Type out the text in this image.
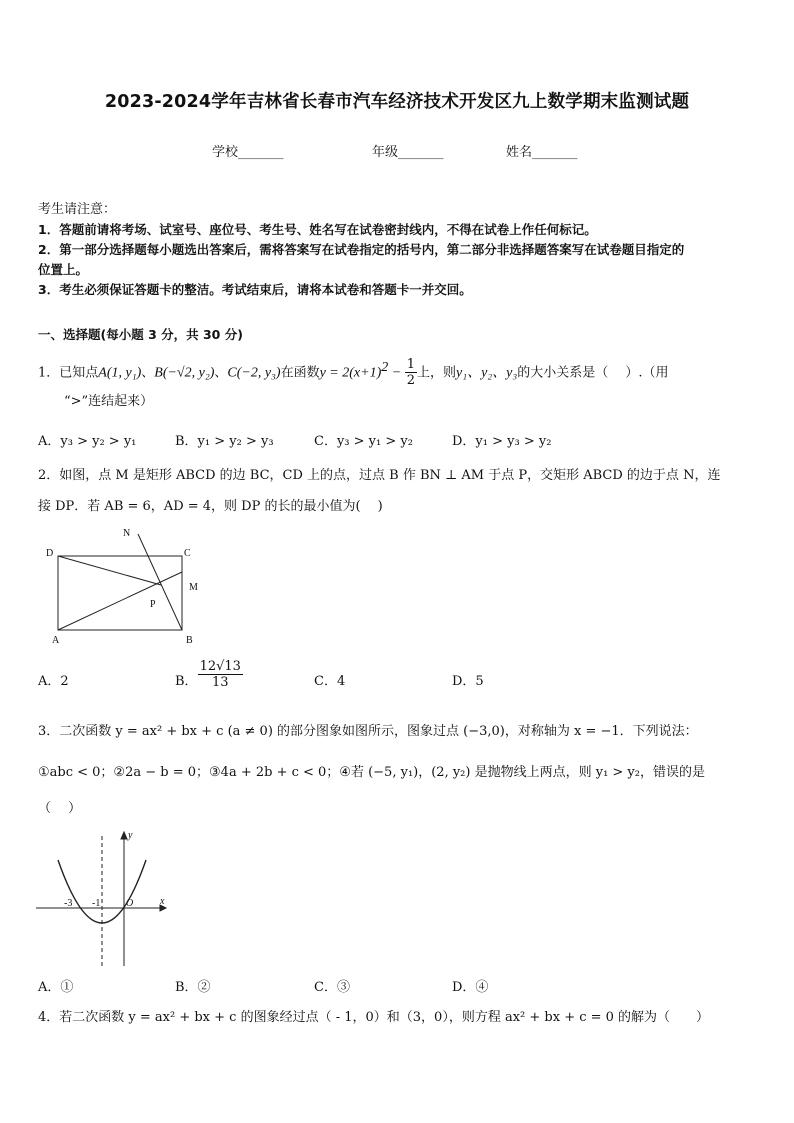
2023-2024学年吉林省长春市汽车经济技术开发区九上数学期末监测试题
学校_______	年级_______	姓名_______
考生请注意：
1．答题前请将考场、试室号、座位号、考生号、姓名写在试卷密封线内，不得在试卷上作任何标记。
2．第一部分选择题每小题选出答案后，需将答案写在试卷指定的括号内，第二部分非选择题答案写在试卷题目指定的
位置上。
3．考生必须保证答题卡的整洁。考试结束后，请将本试卷和答题卡一并交回。
一、选择题(每小题 3 分，共 30 分)
1．已知点A(1, y₁)、B(−√2, y₂)、C(−2, y₃)在函数$y = 2(x+1)^2 - \frac{1}{2}$ 上，则y₁、y₂、y₃的大小关系是（　 ）.（用
“>”连结起来）
A．y₃ > y₂ > y₁	B．y₁ > y₂ > y₃	C．y₃ > y₁ > y₂	D．y₁ > y₃ > y₂
2．如图，点 M 是矩形 ABCD 的边 BC，CD 上的点，过点 B 作 BN ⊥ AM 于点 P，交矩形 ABCD 的边于点 N，连
接 DP．若 AB = 6，AD = 4，则 DP 的长的最小值为(　 )
D	C
N
M
P
A	B
A．2	B． $\frac{12√13}{13}$	C．4	D．5
3．二次函数 y = ax² + bx + c (a ≠ 0) 的部分图象如图所示，图象过点 (−3,0)，对称轴为 x = −1．下列说法：
①abc < 0；②2a − b = 0；③4a + 2b + c < 0；④若 (−5, y₁)，(2, y₂) 是抛物线上两点，则 y₁ > y₂，错误的是
（　 ）
y
x
-3 -1	O
A．①	B．②	C．③	D．④
4．若二次函数 y = ax² + bx + c 的图象经过点（ - 1，0）和（3，0），则方程 ax² + bx + c = 0 的解为（　　）
